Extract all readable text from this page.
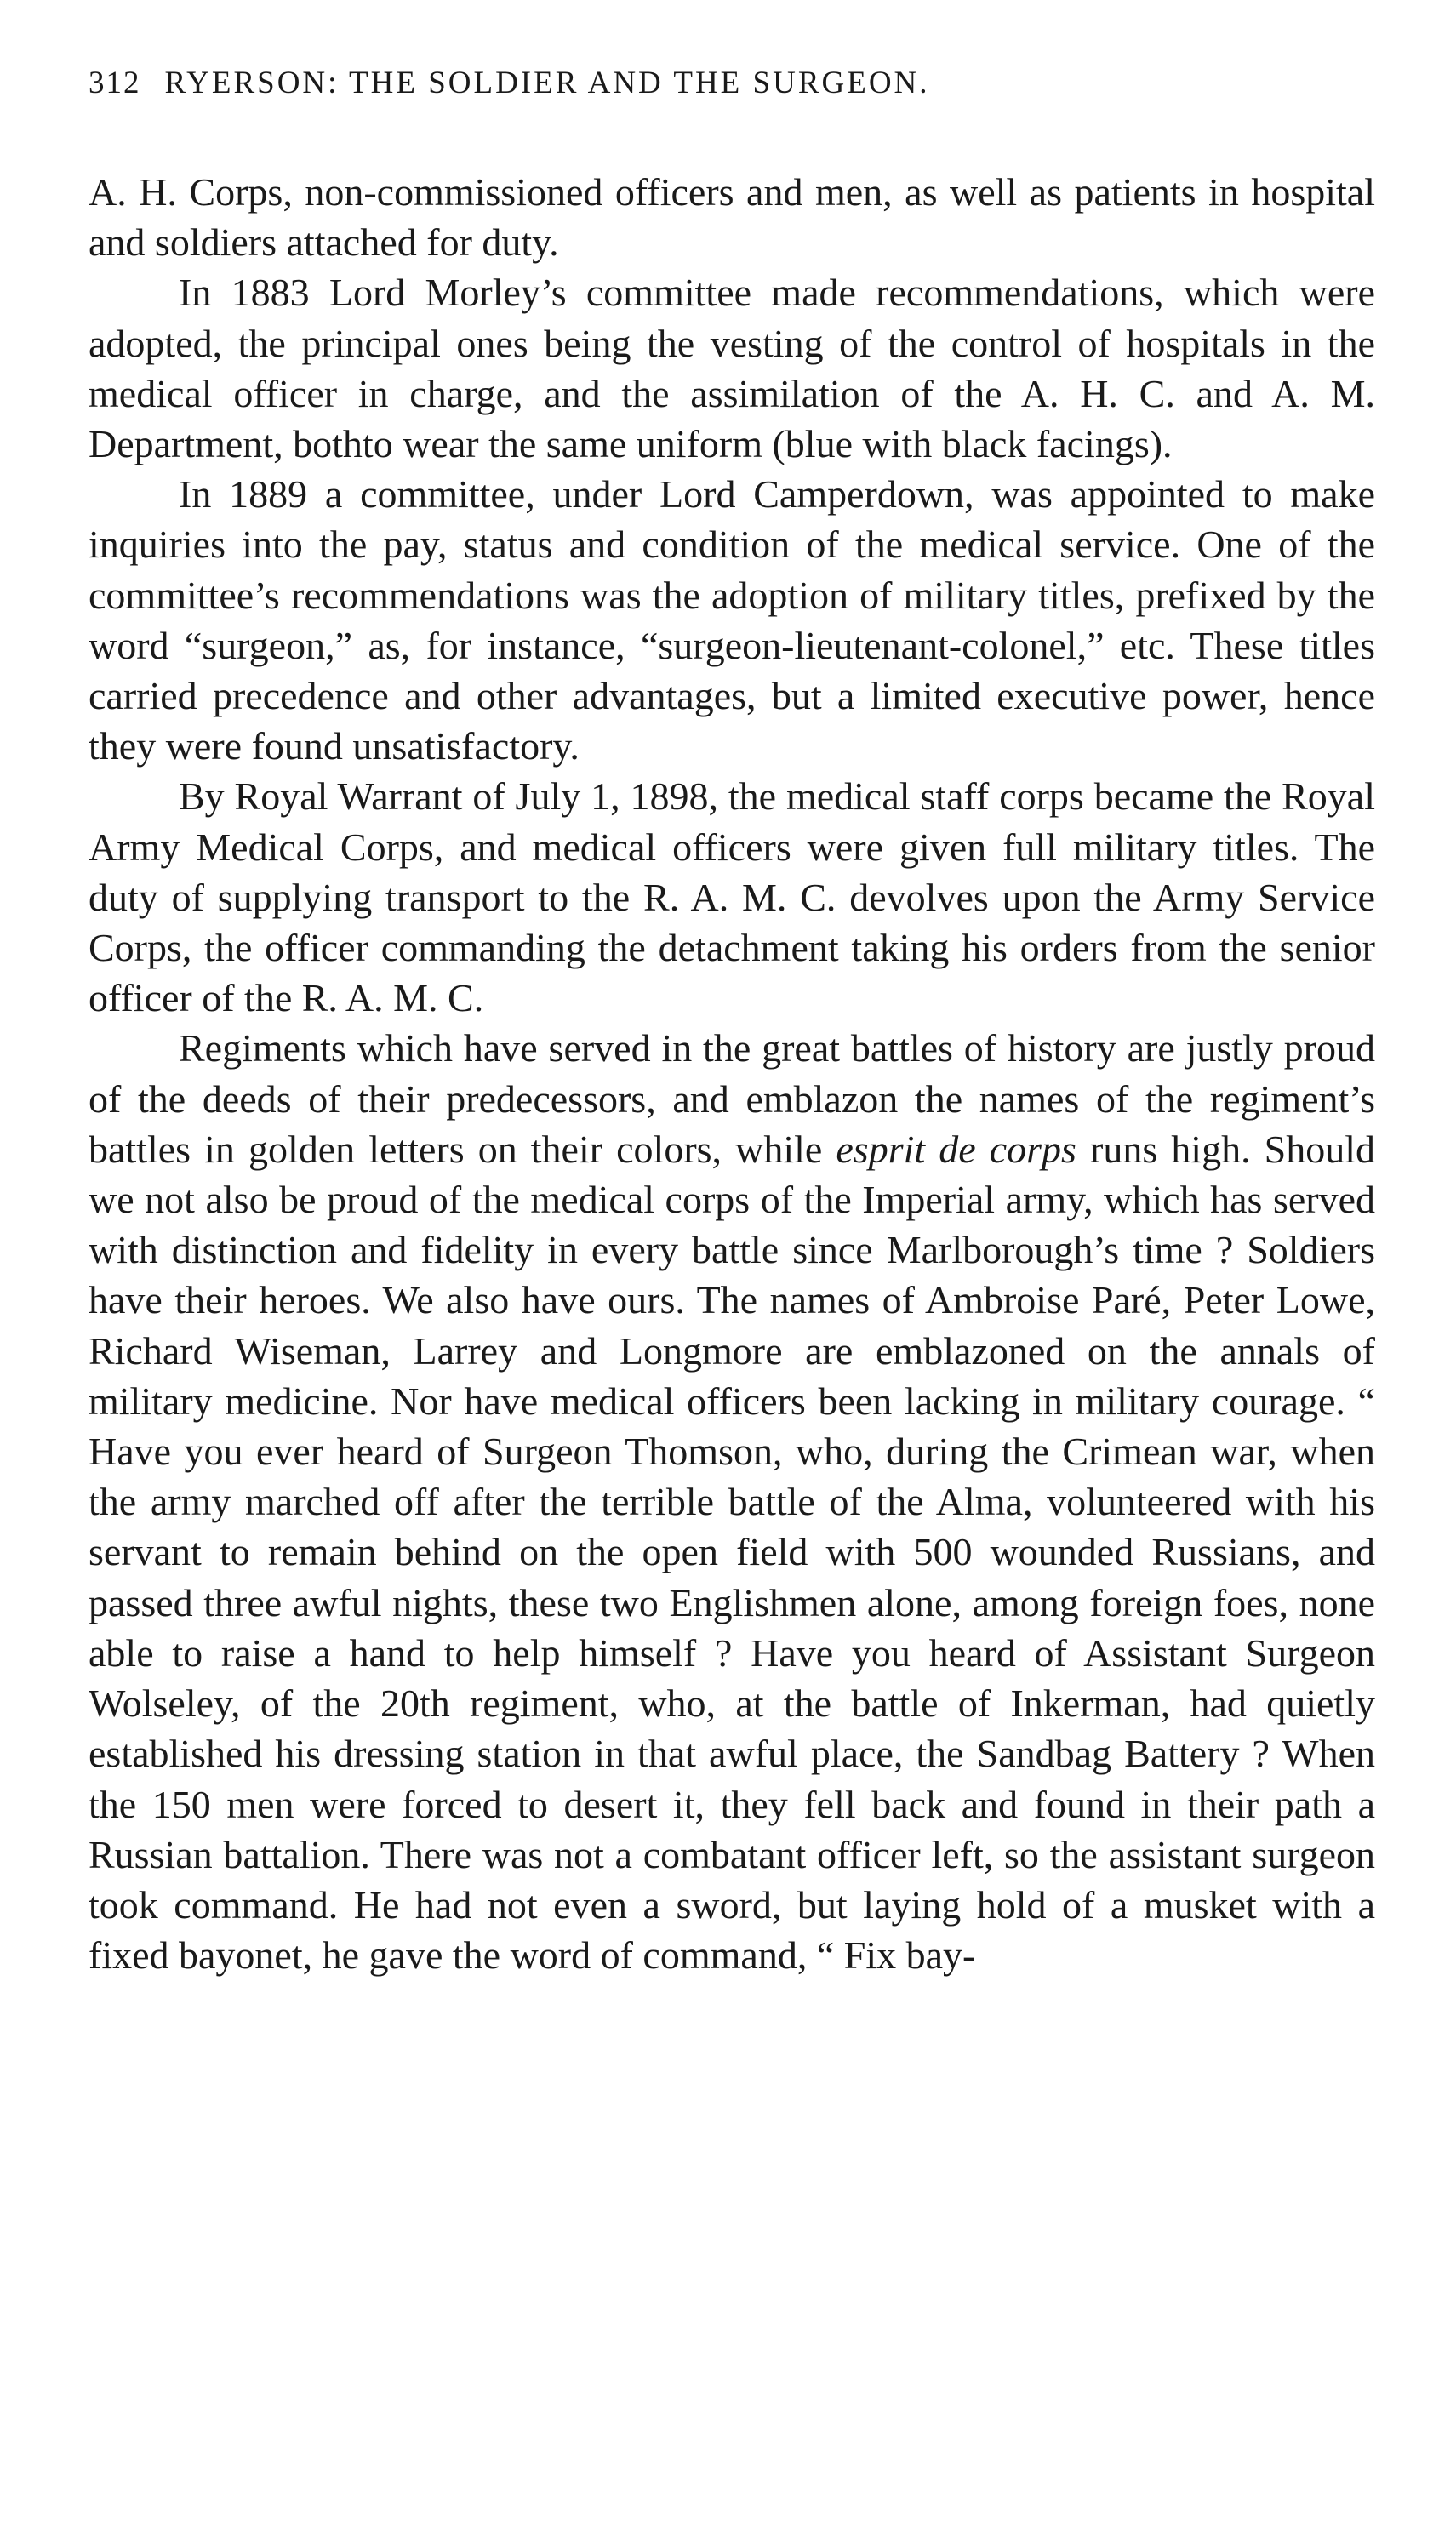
312 RYERSON: THE SOLDIER AND THE SURGEON.

A. H. Corps, non-commissioned officers and men, as well as patients in hospital and soldiers attached for duty.

In 1883 Lord Morley’s committee made recommendations, which were adopted, the principal ones being the vesting of the control of hospitals in the medical officer in charge, and the assimilation of the A. H. C. and A. M. Department, bothto wear the same uniform (blue with black facings).

In 1889 a committee, under Lord Camperdown, was appointed to make inquiries into the pay, status and condition of the medical service. One of the committee’s recommendations was the adoption of military titles, prefixed by the word “surgeon,” as, for instance, “surgeon-lieutenant-colonel,” etc. These titles carried precedence and other advantages, but a limited executive power, hence they were found unsatisfactory.

By Royal Warrant of July 1, 1898, the medical staff corps became the Royal Army Medical Corps, and medical officers were given full military titles. The duty of supplying transport to the R. A. M. C. devolves upon the Army Service Corps, the officer commanding the detachment taking his orders from the senior officer of the R. A. M. C.

Regiments which have served in the great battles of history are justly proud of the deeds of their predecessors, and emblazon the names of the regiment’s battles in golden letters on their colors, while esprit de corps runs high. Should we not also be proud of the medical corps of the Imperial army, which has served with distinction and fidelity in every battle since Marlborough’s time ? Soldiers have their heroes. We also have ours. The names of Ambroise Paré, Peter Lowe, Richard Wiseman, Larrey and Longmore are emblazoned on the annals of military medicine. Nor have medical officers been lacking in military courage. “ Have you ever heard of Surgeon Thomson, who, during the Crimean war, when the army marched off after the terrible battle of the Alma, volunteered with his servant to remain behind on the open field with 500 wounded Russians, and passed three awful nights, these two Englishmen alone, among foreign foes, none able to raise a hand to help himself ? Have you heard of Assistant Surgeon Wolseley, of the 20th regiment, who, at the battle of Inkerman, had quietly established his dressing station in that awful place, the Sandbag Battery ? When the 150 men were forced to desert it, they fell back and found in their path a Russian battalion. There was not a combatant officer left, so the assistant surgeon took command. He had not even a sword, but laying hold of a musket with a fixed bayonet, he gave the word of command, “ Fix bay-
